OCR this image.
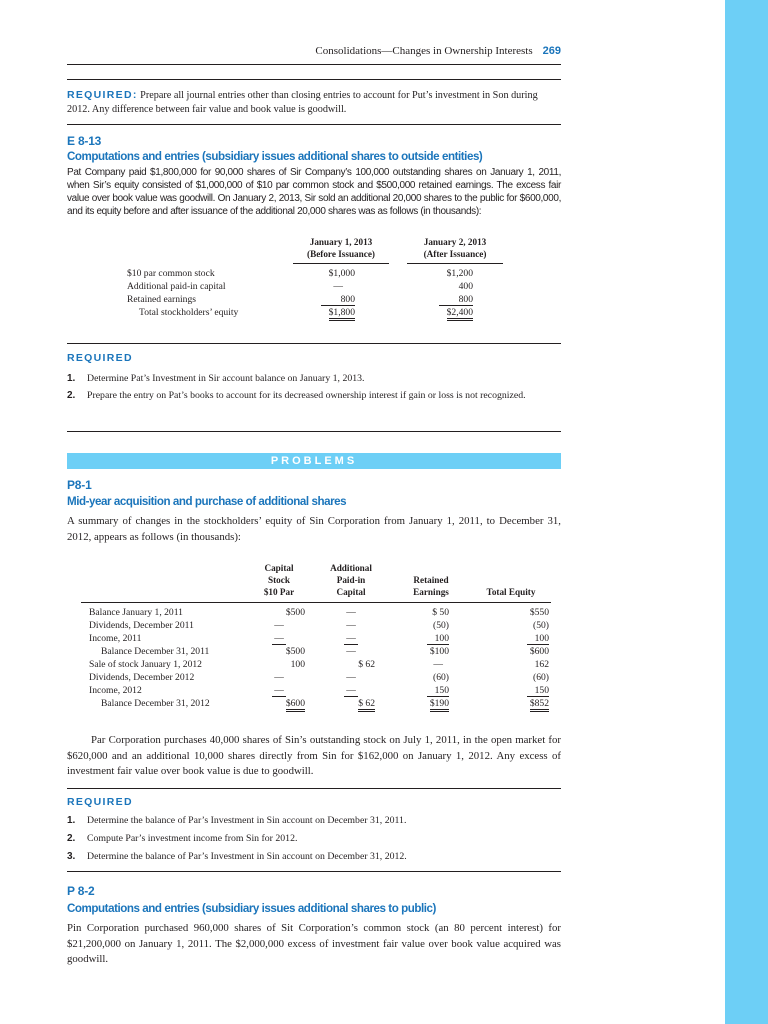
Consolidations—Changes in Ownership Interests 269
REQUIRED: Prepare all journal entries other than closing entries to account for Put’s investment in Son during 2012. Any difference between fair value and book value is goodwill.
E 8-13
Computations and entries (subsidiary issues additional shares to outside entities)
Pat Company paid $1,800,000 for 90,000 shares of Sir Company’s 100,000 outstanding shares on January 1, 2011, when Sir’s equity consisted of $1,000,000 of $10 par common stock and $500,000 retained earnings. The excess fair value over book value was goodwill. On January 2, 2013, Sir sold an additional 20,000 shares to the public for $600,000, and its equity before and after issuance of the additional 20,000 shares was as follows (in thousands):
January 1, 2013
(Before Issuance)
January 2, 2013
(After Issuance)
$10 par common stock	$1,000	$1,200
Additional paid-in capital	—	400
Retained earnings	800	800
Total stockholders’ equity	$1,800	$2,400
REQUIRED
1. Determine Pat’s Investment in Sir account balance on January 1, 2013.
2. Prepare the entry on Pat’s books to account for its decreased ownership interest if gain or loss is not recognized.
PROBLEMS
P8-1
Mid-year acquisition and purchase of additional shares
A summary of changes in the stockholders’ equity of Sin Corporation from January 1, 2011, to December 31, 2012, appears as follows (in thousands):
Capital
Stock
$10 Par
Additional
Paid-in
Capital
Retained
Earnings	Total Equity
Balance January 1, 2011	$500	—	$ 50	$550
Dividends, December 2011	—	—	(50)	(50)
Income, 2011	—	—	100	100
Balance December 31, 2011	$500	—	$100	$600
Sale of stock January 1, 2012	100	$ 62	—	162
Dividends, December 2012	—	—	(60)	(60)
Income, 2012	—	—	150	150
Balance December 31, 2012	$600	$ 62	$190	$852
Par Corporation purchases 40,000 shares of Sin’s outstanding stock on July 1, 2011, in the open market for $620,000 and an additional 10,000 shares directly from Sin for $162,000 on January 1, 2012. Any excess of investment fair value over book value is due to goodwill.
REQUIRED
1. Determine the balance of Par’s Investment in Sin account on December 31, 2011.
2. Compute Par’s investment income from Sin for 2012.
3. Determine the balance of Par’s Investment in Sin account on December 31, 2012.
P 8-2
Computations and entries (subsidiary issues additional shares to public)
Pin Corporation purchased 960,000 shares of Sit Corporation’s common stock (an 80 percent interest) for $21,200,000 on January 1, 2011. The $2,000,000 excess of investment fair value over book value acquired was goodwill.
